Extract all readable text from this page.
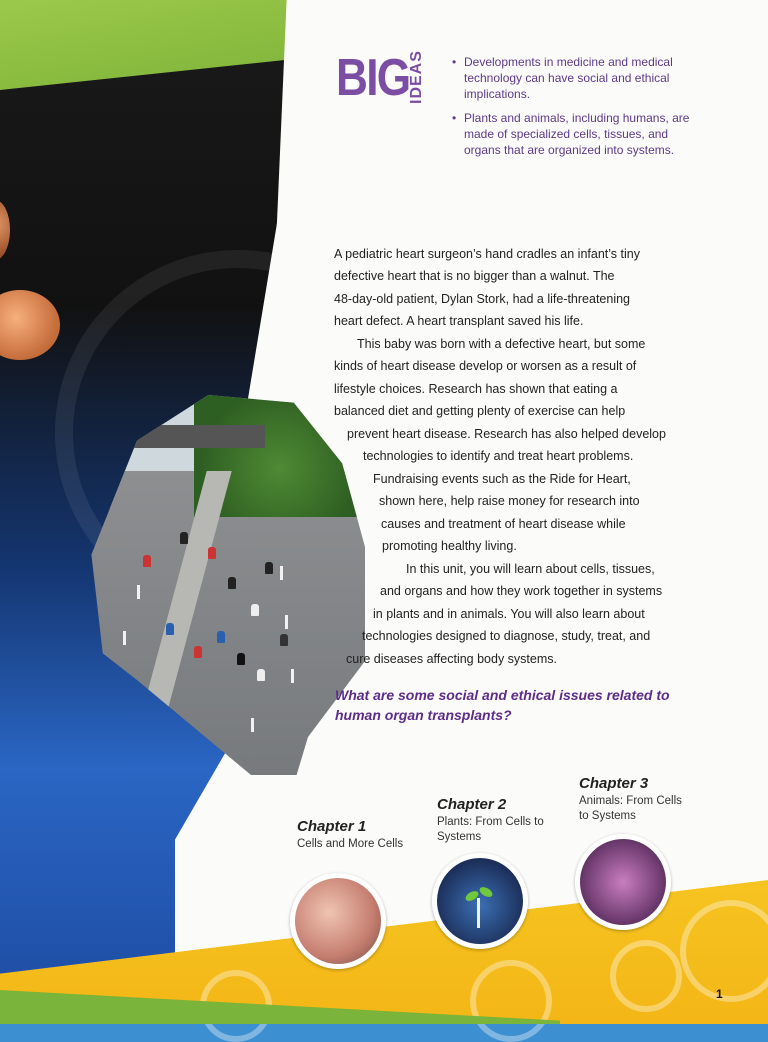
BIG
IDEAS
•	Developments in medicine and medical technology can have social and ethical implications.
• Plants and animals, including humans, are made of specialized cells, tissues, and organs that are organized into systems.
A pediatric heart surgeon’s hand cradles an infant’s tiny
defective heart that is no bigger than a walnut. The
48-day-old patient, Dylan Stork, had a life-threatening
heart defect. A heart transplant saved his life.
This baby was born with a defective heart, but some
kinds of heart disease develop or worsen as a result of
lifestyle choices. Research has shown that eating a
balanced diet and getting plenty of exercise can help
prevent heart disease. Research has also helped develop
technologies to identify and treat heart problems.
Fundraising events such as the Ride for Heart,
shown here, help raise money for research into
causes and treatment of heart disease while
promoting healthy living.
In this unit, you will learn about cells, tissues,
and organs and how they work together in systems
in plants and in animals. You will also learn about
technologies designed to diagnose, study, treat, and
cure diseases affecting body systems.
What are some social and ethical issues related to human organ transplants?
Chapter 1
Cells and More Cells
Chapter 2
Plants: From Cells to Systems
Chapter 3
Animals: From Cells to Systems
1
